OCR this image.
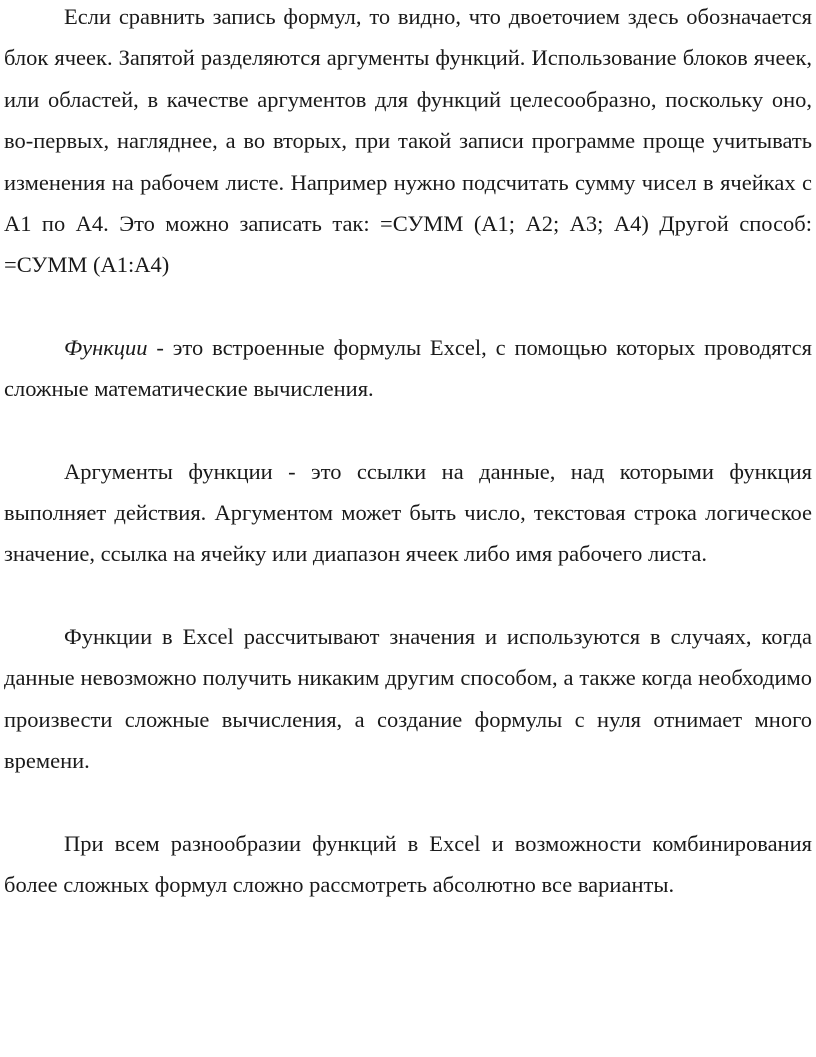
Если сравнить запись формул, то видно, что двоеточием здесь обозначается блок ячеек. Запятой разделяются аргументы функций. Использование блоков ячеек, или областей, в качестве аргументов для функций целесообразно, поскольку оно, во-первых, нагляднее, а во вторых, при такой записи программе проще учитывать изменения на рабочем листе. Например нужно подсчитать сумму чисел в ячейках с А1 по А4. Это можно записать так: =СУММ (А1; А2; А3; А4) Другой способ: =СУММ (А1:А4)

Функции - это встроенные формулы Excel, с помощью которых проводятся сложные математические вычисления.

Аргументы функции - это ссылки на данные, над которыми функция выполняет действия. Аргументом может быть число, текстовая строка логическое значение, ссылка на ячейку или диапазон ячеек либо имя рабочего листа.

Функции в Excel рассчитывают значения и используются в случаях, когда данные невозможно получить никаким другим способом, а также когда необходимо произвести сложные вычисления, а создание формулы с нуля отнимает много времени.

При всем разнообразии функций в Excel и возможности комбинирования более сложных формул сложно рассмотреть абсолютно все варианты.
